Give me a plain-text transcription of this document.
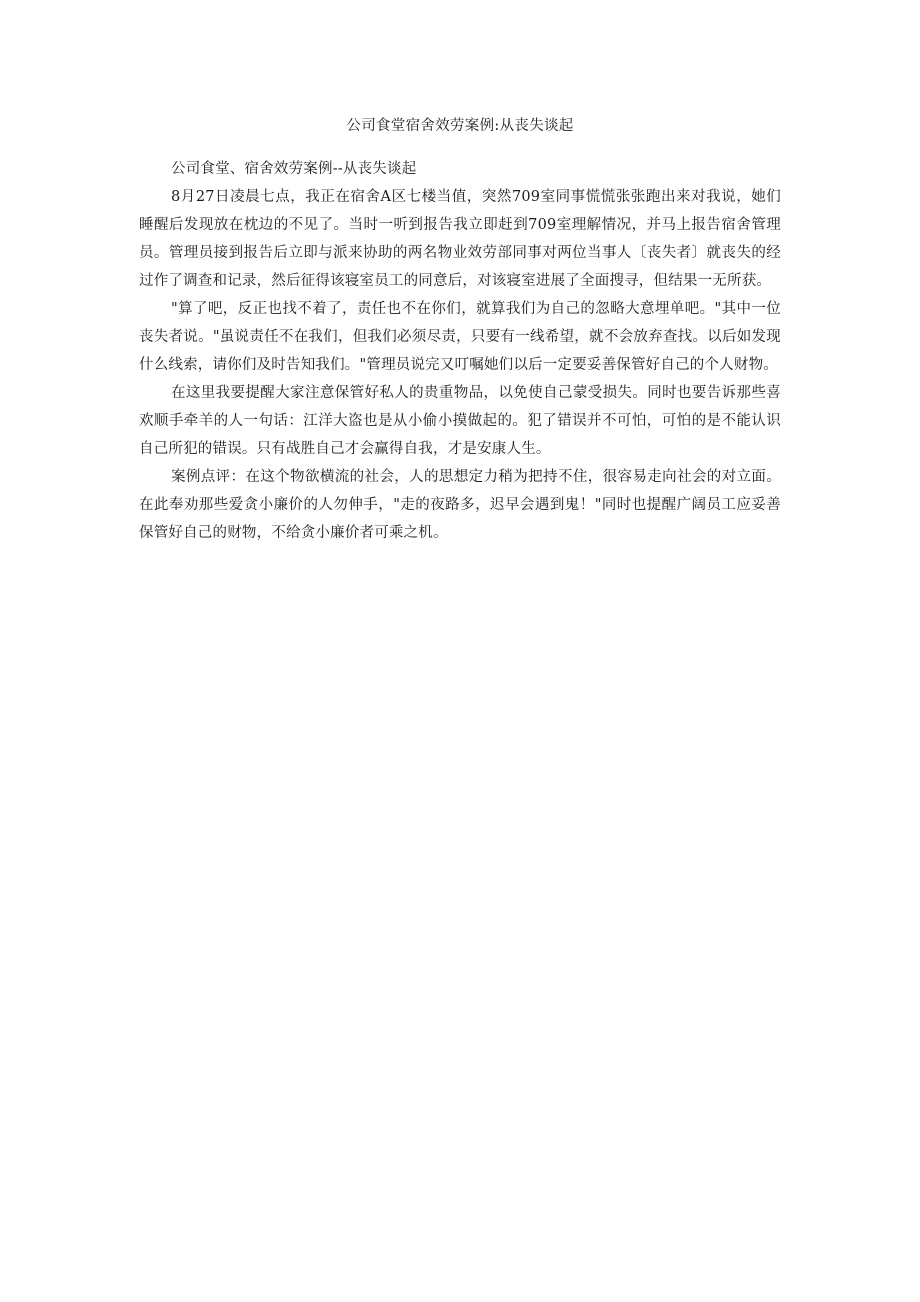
公司食堂宿舍效劳案例:从丧失谈起

公司食堂、宿舍效劳案例--从丧失谈起

8月27日凌晨七点，我正在宿舍A区七楼当值，突然709室同事慌慌张张跑出来对我说，她们睡醒后发现放在枕边的不见了。当时一听到报告我立即赶到709室理解情况，并马上报告宿舍管理员。管理员接到报告后立即与派来协助的两名物业效劳部同事对两位当事人〔丧失者〕就丧失的经过作了调查和记录，然后征得该寝室员工的同意后，对该寝室进展了全面搜寻，但结果一无所获。

"算了吧，反正也找不着了，责任也不在你们，就算我们为自己的忽略大意埋单吧。"其中一位丧失者说。"虽说责任不在我们，但我们必须尽责，只要有一线希望，就不会放弃查找。以后如发现什么线索，请你们及时告知我们。"管理员说完又叮嘱她们以后一定要妥善保管好自己的个人财物。

在这里我要提醒大家注意保管好私人的贵重物品，以免使自己蒙受损失。同时也要告诉那些喜欢顺手牵羊的人一句话：江洋大盗也是从小偷小摸做起的。犯了错误并不可怕，可怕的是不能认识自己所犯的错误。只有战胜自己才会赢得自我，才是安康人生。

案例点评：在这个物欲横流的社会，人的思想定力稍为把持不住，很容易走向社会的对立面。在此奉劝那些爱贪小廉价的人勿伸手，"走的夜路多，迟早会遇到鬼！"同时也提醒广阔员工应妥善保管好自己的财物，不给贪小廉价者可乘之机。
